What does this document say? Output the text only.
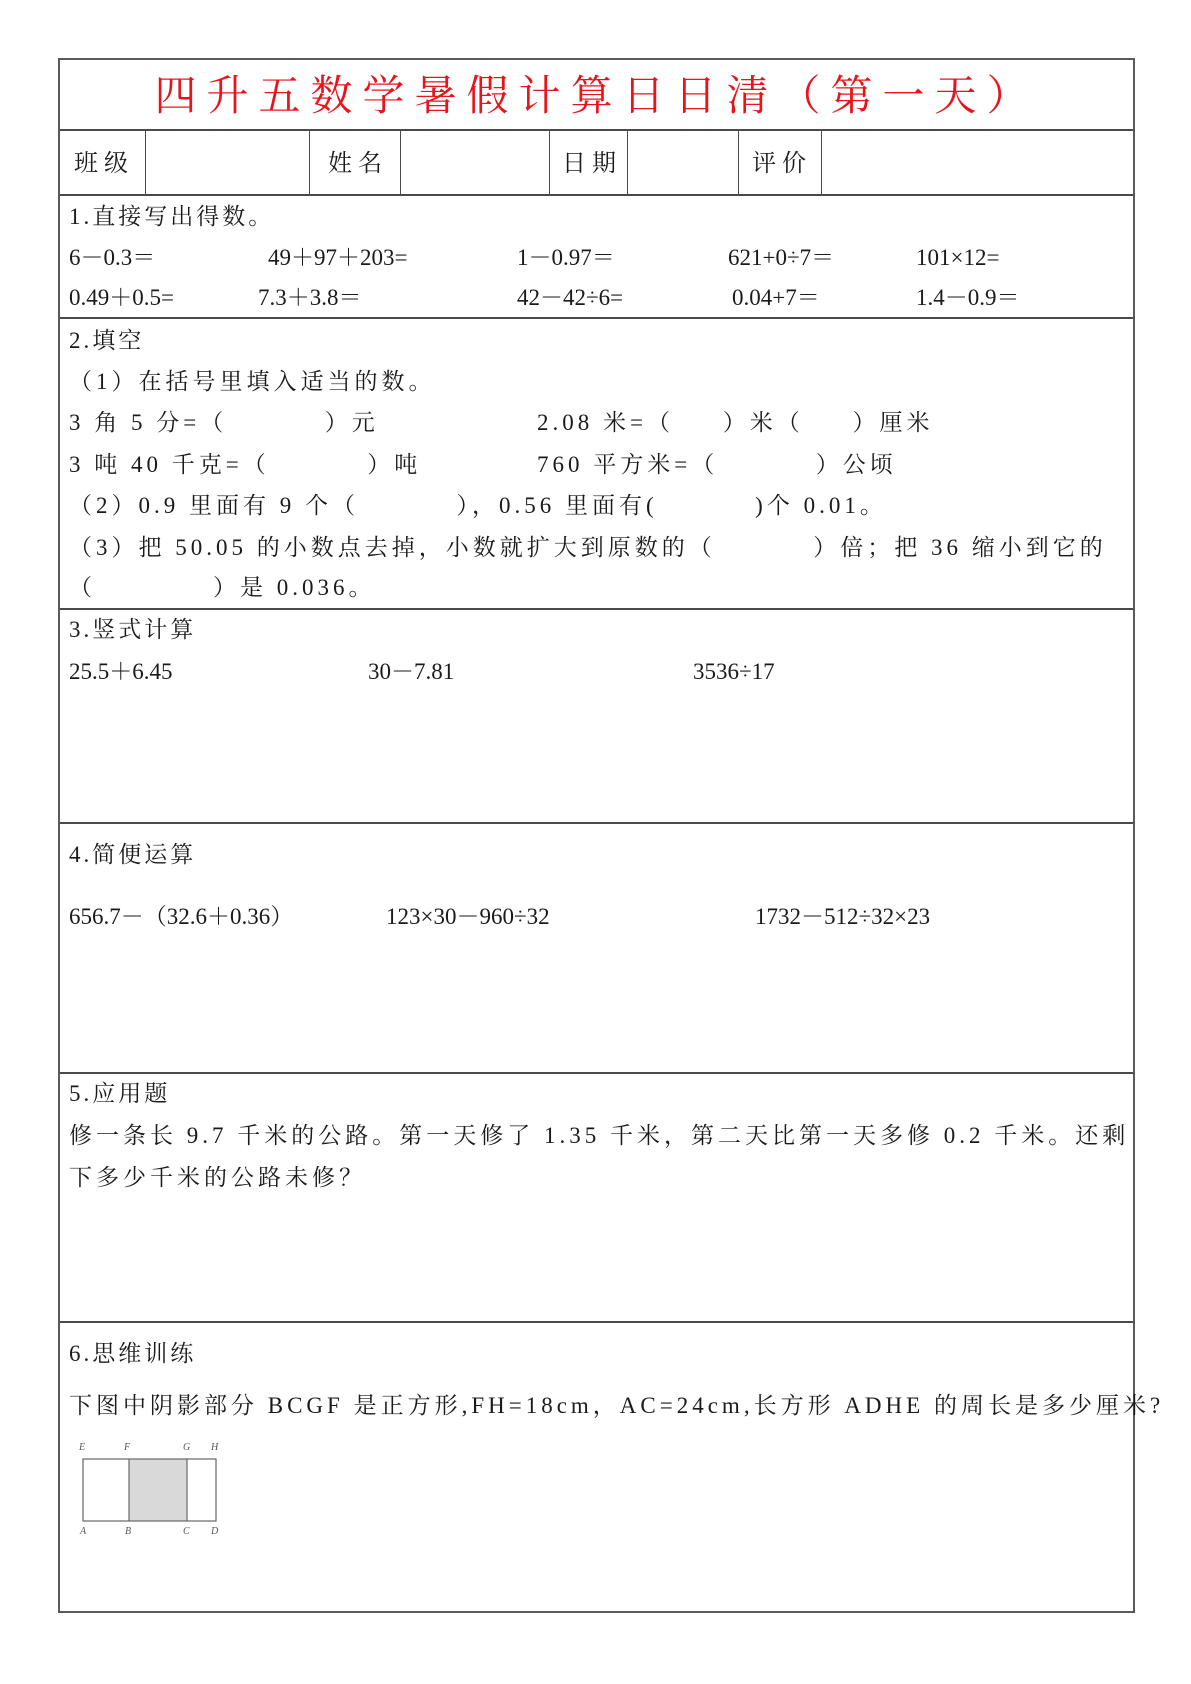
四升五数学暑假计算日日清（第一天）
班级	姓名	日期	评价
1.直接写出得数。
6－0.3＝	49＋97＋203=	1－0.97＝	621+0÷7＝	101×12=
0.49＋0.5=	7.3＋3.8＝	42－42÷6=	0.04+7＝	1.4－0.9＝
2.填空
（1）在括号里填入适当的数。
3 角 5 分=（          ）元	2.08 米=（     ）米（     ）厘米
3 吨 40 千克=（          ）吨	760 平方米=（          ）公顷
（2）0.9 里面有 9 个（          ），0.56 里面有(          )个 0.01。
（3）把 50.05 的小数点去掉，小数就扩大到原数的（          ）倍；把 36 缩小到它的
（            ）是 0.036。
3.竖式计算
25.5＋6.45	30－7.81	3536÷17
4.简便运算
656.7－（32.6＋0.36）	123×30－960÷32	1732－512÷32×23
5.应用题
修一条长 9.7 千米的公路。第一天修了 1.35 千米，第二天比第一天多修 0.2 千米。还剩
下多少千米的公路未修？
6.思维训练
下图中阴影部分 BCGF 是正方形,FH=18cm，AC=24cm,长方形 ADHE 的周长是多少厘米?
E	F	G H
A	B	C D
